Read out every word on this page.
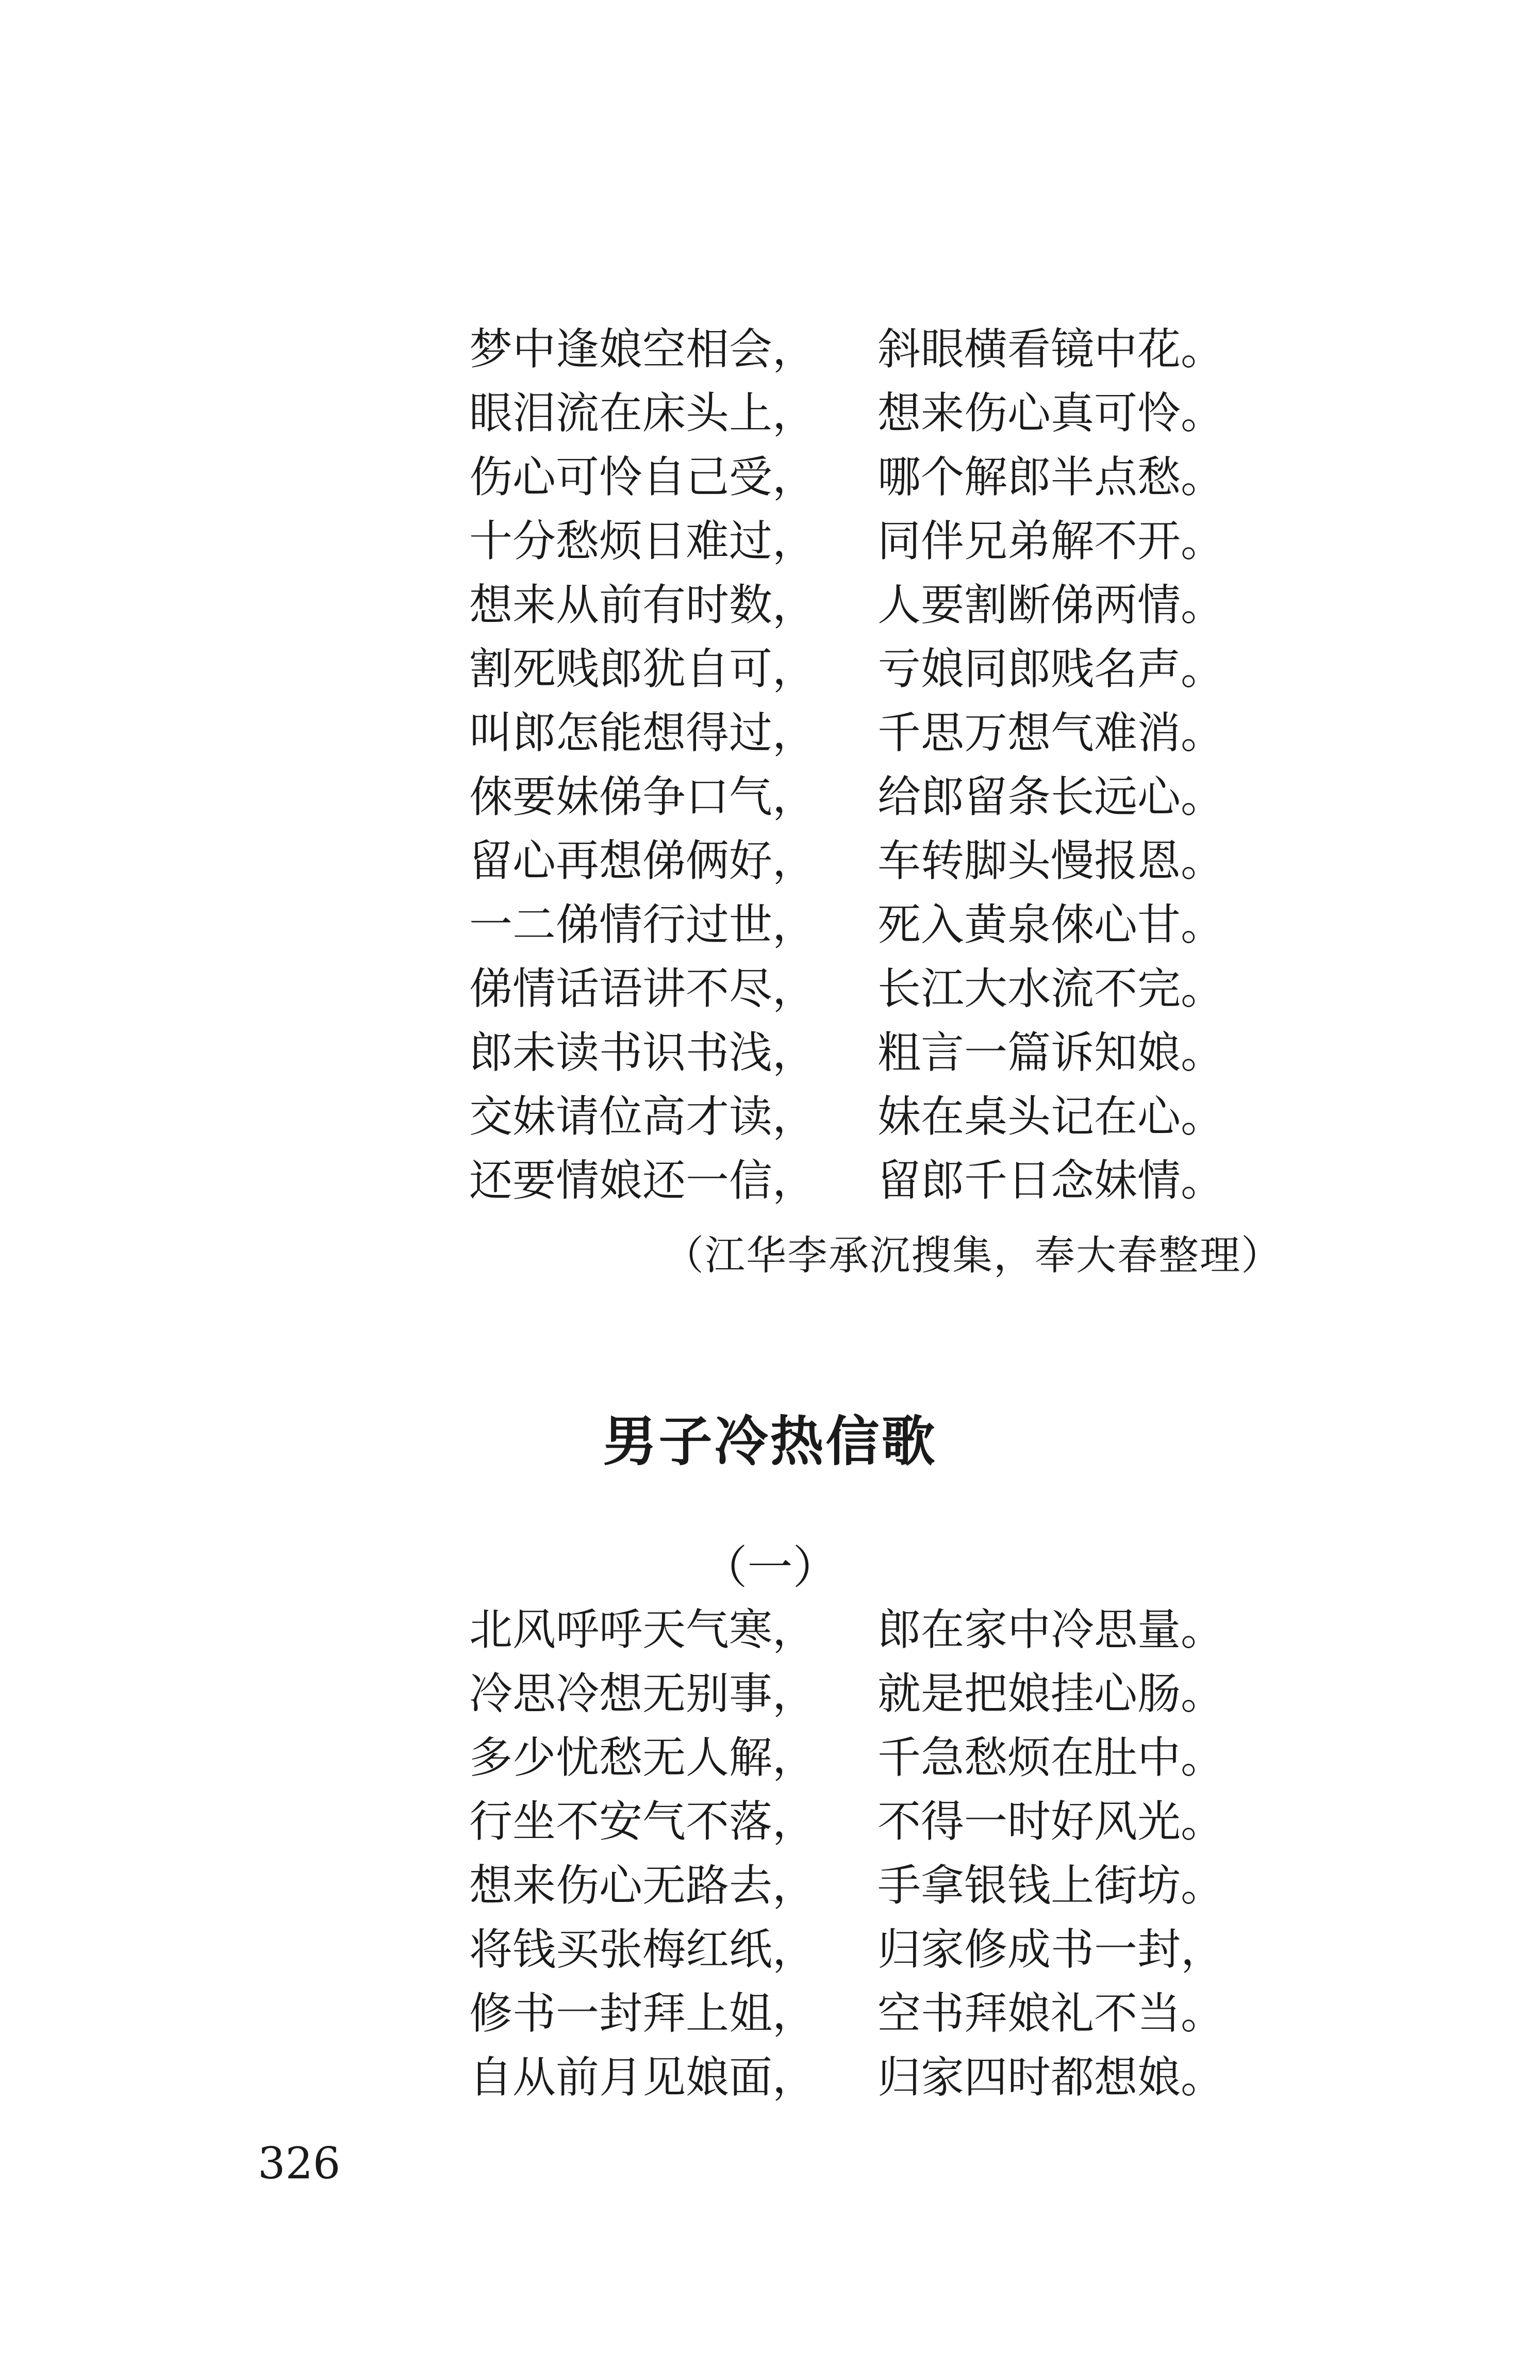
梦中逢娘空相会， 斜眼横看镜中花。
眼泪流在床头上， 想来伤心真可怜。
伤心可怜自己受， 哪个解郎半点愁。
十分愁烦日难过， 同伴兄弟解不开。
想来从前有时数， 人要割断俤两情。
割死贱郎犹自可， 亏娘同郎贱名声。
叫郎怎能想得过， 千思万想气难消。
倈要妹俤争口气， 给郎留条长远心。
留心再想俤俩好， 车转脚头慢报恩。
一二俤情行过世， 死入黄泉倈心甘。
俤情话语讲不尽， 长江大水流不完。
郎未读书识书浅， 粗言一篇诉知娘。
交妹请位高才读， 妹在桌头记在心。
还要情娘还一信， 留郎千日念妹情。
（江华李承沉搜集，奉大春整理）
男子冷热信歌
（一）
北风呼呼天气寒， 郎在家中冷思量。
冷思冷想无别事， 就是把娘挂心肠。
多少忧愁无人解， 千急愁烦在肚中。
行坐不安气不落， 不得一时好风光。
想来伤心无路去， 手拿银钱上街坊。
将钱买张梅红纸， 归家修成书一封，
修书一封拜上姐， 空书拜娘礼不当。
自从前月见娘面， 归家四时都想娘。
326
